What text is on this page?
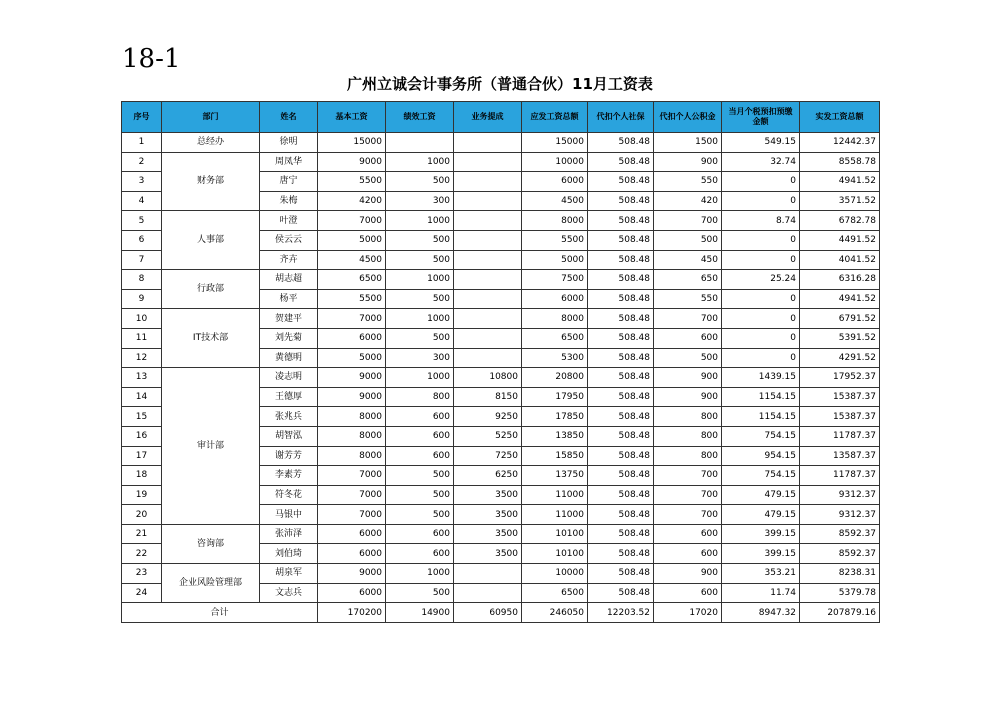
18-1
广州立诚会计事务所（普通合伙）11月工资表
序号	部门	姓名	基本工资	绩效工资	业务提成	应发工资总额	代扣个人社保	代扣个人公积金	当月个税预扣预缴金额	实发工资总额
1	总经办	徐明	15000			15000	508.48	1500	549.15	12442.37
2	财务部	周凤华	9000	1000		10000	508.48	900	32.74	8558.78
3		唐宁	5500	500		6000	508.48	550	0	4941.52
4		朱梅	4200	300		4500	508.48	420	0	3571.52
5	人事部	叶澄	7000	1000		8000	508.48	700	8.74	6782.78
6		侯云云	5000	500		5500	508.48	500	0	4491.52
7		齐卉	4500	500		5000	508.48	450	0	4041.52
8	行政部	胡志超	6500	1000		7500	508.48	650	25.24	6316.28
9		杨平	5500	500		6000	508.48	550	0	4941.52
10	IT技术部	贺建平	7000	1000		8000	508.48	700	0	6791.52
11		刘先菊	6000	500		6500	508.48	600	0	5391.52
12		黄德明	5000	300		5300	508.48	500	0	4291.52
13	审计部	凌志明	9000	1000	10800	20800	508.48	900	1439.15	17952.37
14		王德厚	9000	800	8150	17950	508.48	900	1154.15	15387.37
15		张兆兵	8000	600	9250	17850	508.48	800	1154.15	15387.37
16		胡智泓	8000	600	5250	13850	508.48	800	754.15	11787.37
17		谢芳芳	8000	600	7250	15850	508.48	800	954.15	13587.37
18		李素芳	7000	500	6250	13750	508.48	700	754.15	11787.37
19		符冬花	7000	500	3500	11000	508.48	700	479.15	9312.37
20		马银中	7000	500	3500	11000	508.48	700	479.15	9312.37
21	咨询部	张沛泽	6000	600	3500	10100	508.48	600	399.15	8592.37
22		刘伯琦	6000	600	3500	10100	508.48	600	399.15	8592.37
23	企业风险管理部	胡泉军	9000	1000		10000	508.48	900	353.21	8238.31
24		文志兵	6000	500		6500	508.48	600	11.74	5379.78
合计			170200	14900	60950	246050	12203.52	17020	8947.32	207879.16
